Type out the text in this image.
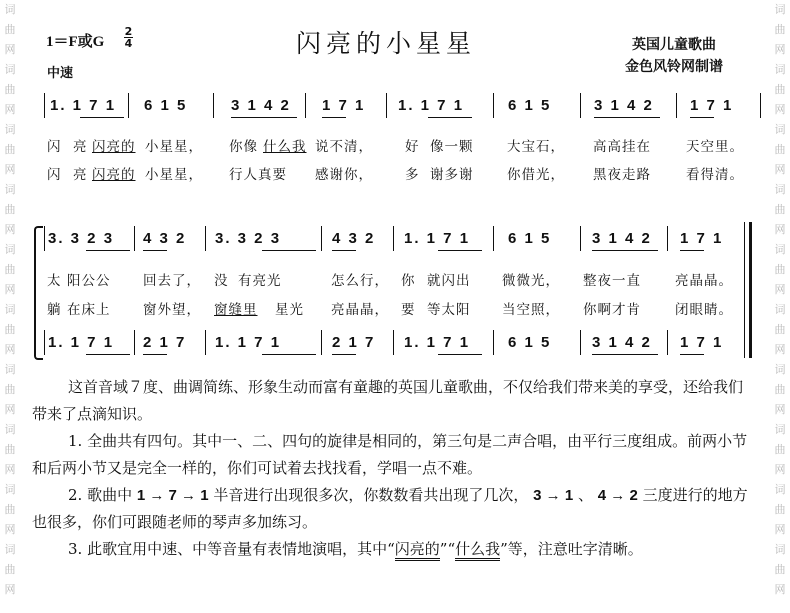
词
曲
网
词
曲
网
词
曲
网
词
曲
网
词
曲
网
词
曲
网
词
曲
网
词
曲
网
词
曲
网
词
曲
网
词
曲
网
词
曲
网
词
曲
网
词
曲
网
词
曲
网
词
曲
网
词
曲
网
词
曲
网
词
曲
网
词
曲
网
1＝F或G
2
4
中速
闪亮的小星星	英国儿童歌曲
金色风铃网制谱
1. 1 7 1 6 1 5	3 1 4 2 1 7 1 1. 1 7 1	6 1 5	3 1 4 2 1 7 1
闪 亮 闪亮的 小星星， 你像 什么我 说不清， 好 像一颗 大宝石， 高高挂在	天空里。
闪 亮 闪亮的 小星星， 行人真要 感谢你， 多 谢多谢 你借光， 黑夜走路	看得清。
3. 3 2 3 4 3 2 3. 3 2 3	4 3 2 1. 1 7 1	6 1 5	3 1 4 2 1 7 1
太 阳公公 回去了， 没 有亮光	怎么行， 你 就闪出 微微光， 整夜一直	亮晶晶。
躺 在床上 窗外望， 窗缝里 星光 亮晶晶， 要 等太阳 当空照， 你啊才肯	闭眼睛。
1. 1 7 1 2 1 7 1. 1 7 1	2 1 7 1. 1 7 1	6 1 5	3 1 4 2 1 7 1
这首音域７度、曲调简练、形象生动而富有童趣的英国儿童歌曲，不仅给我们带来美的享受，还给我们带来了点滴知识。
1. 全曲共有四句。其中一、二、四句的旋律是相同的，第三句是二声合唱，由平行三度组成。前两小节和后两小节又是完全一样的，你们可试着去找找看，学唱一点不难。
2. 歌曲中 1 → 7 → 1 半音进行出现很多次，你数数看共出现了几次， 3 → 1 、 4 → 2 三度进行的地方也很多，你们可跟随老师的琴声多加练习。
3. 此歌宜用中速、中等音量有表情地演唱，其中“闪亮的”“什么我”等，注意吐字清晰。
